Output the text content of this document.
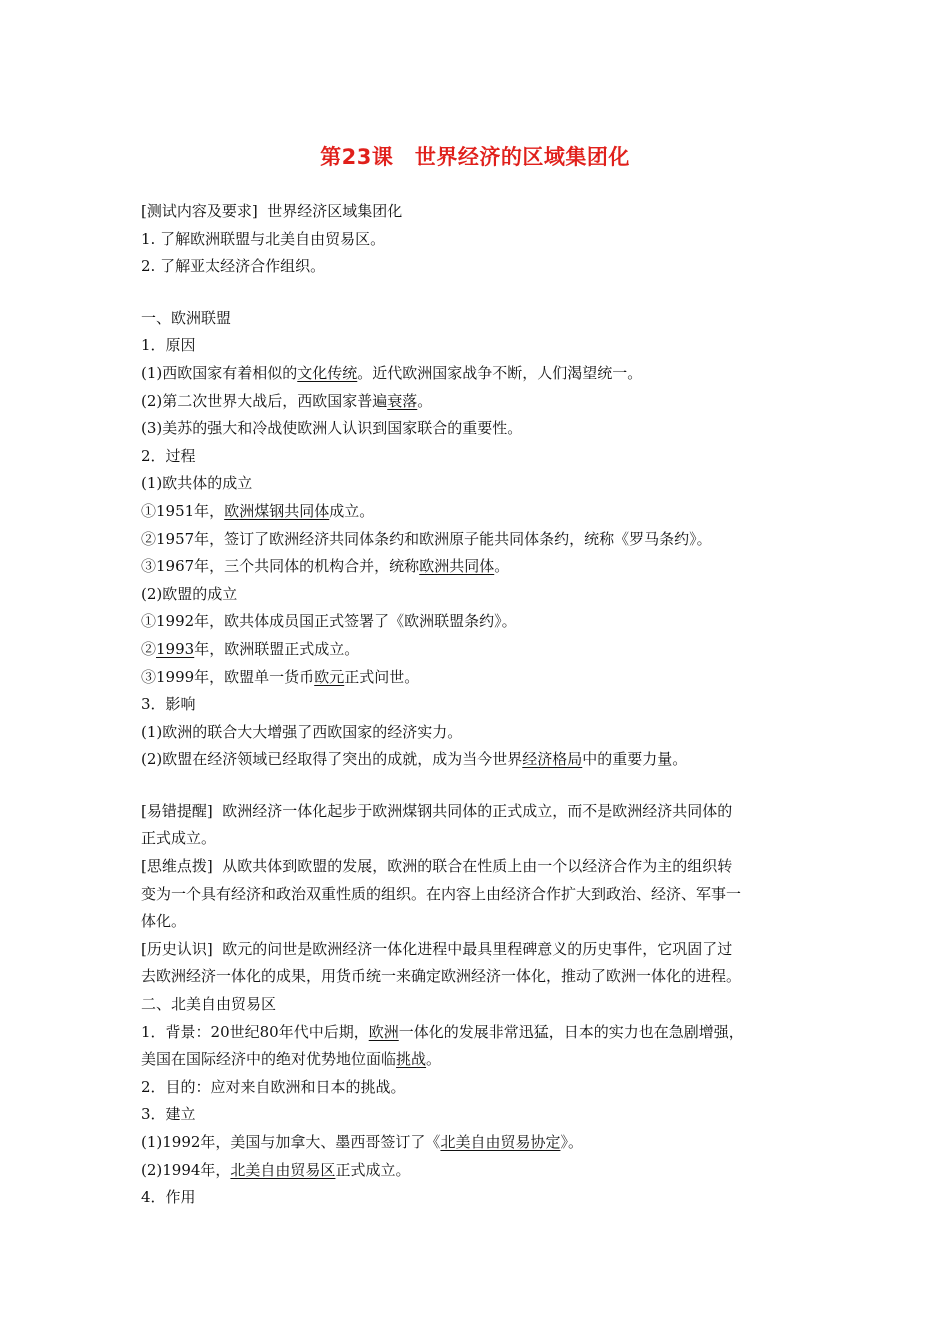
第23课　世界经济的区域集团化
[测试内容及要求] 世界经济区域集团化
1. 了解欧洲联盟与北美自由贸易区。
2. 了解亚太经济合作组织。
一、欧洲联盟
1．原因
(1)西欧国家有着相似的文化传统。近代欧洲国家战争不断，人们渴望统一。
(2)第二次世界大战后，西欧国家普遍衰落。
(3)美苏的强大和冷战使欧洲人认识到国家联合的重要性。
2．过程
(1)欧共体的成立
①1951年，欧洲煤钢共同体成立。
②1957年，签订了欧洲经济共同体条约和欧洲原子能共同体条约，统称《罗马条约》。
③1967年，三个共同体的机构合并，统称欧洲共同体。
(2)欧盟的成立
①1992年，欧共体成员国正式签署了《欧洲联盟条约》。
②1993年，欧洲联盟正式成立。
③1999年，欧盟单一货币欧元正式问世。
3．影响
(1)欧洲的联合大大增强了西欧国家的经济实力。
(2)欧盟在经济领域已经取得了突出的成就，成为当今世界经济格局中的重要力量。
[易错提醒] 欧洲经济一体化起步于欧洲煤钢共同体的正式成立，而不是欧洲经济共同体的
正式成立。
[思维点拨] 从欧共体到欧盟的发展，欧洲的联合在性质上由一个以经济合作为主的组织转
变为一个具有经济和政治双重性质的组织。在内容上由经济合作扩大到政治、经济、军事一
体化。
[历史认识] 欧元的问世是欧洲经济一体化进程中最具里程碑意义的历史事件，它巩固了过
去欧洲经济一体化的成果，用货币统一来确定欧洲经济一体化，推动了欧洲一体化的进程。
二、北美自由贸易区
1．背景：20世纪80年代中后期，欧洲一体化的发展非常迅猛，日本的实力也在急剧增强，
美国在国际经济中的绝对优势地位面临挑战。
2．目的：应对来自欧洲和日本的挑战。
3．建立
(1)1992年，美国与加拿大、墨西哥签订了《北美自由贸易协定》。
(2)1994年，北美自由贸易区正式成立。
4．作用
